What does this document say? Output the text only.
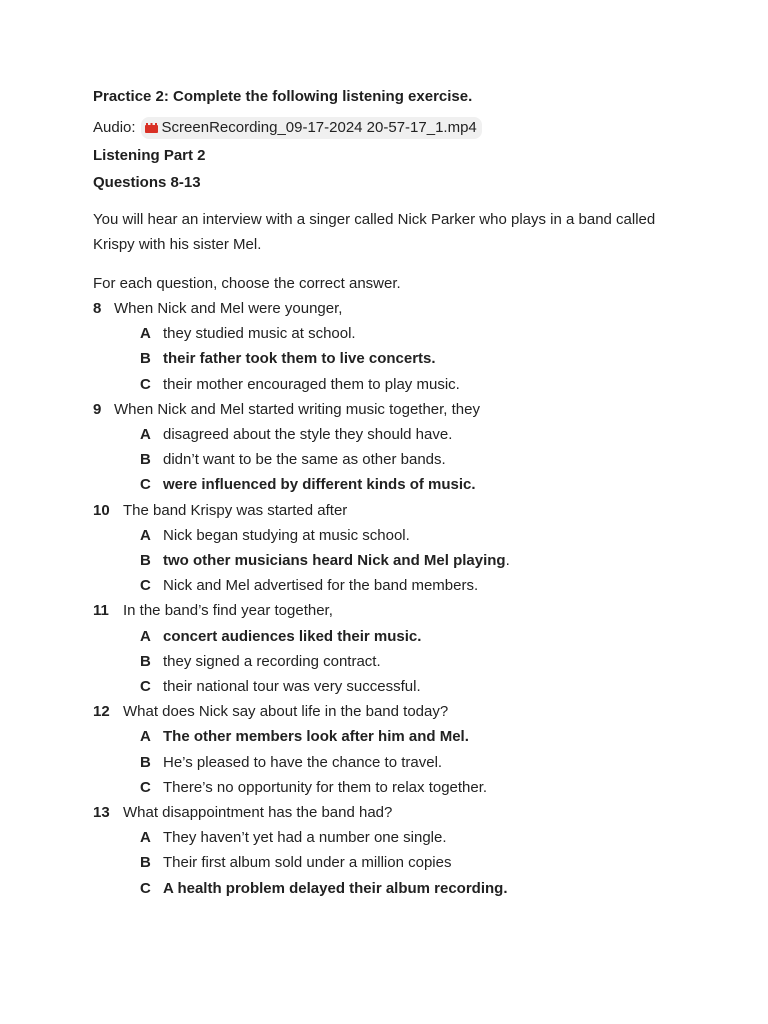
Practice 2: Complete the following listening exercise.
Audio: ScreenRecording_09-17-2024 20-57-17_1.mp4
Listening Part 2
Questions 8-13
You will hear an interview with a singer called Nick Parker who plays in a band called Krispy with his sister Mel.
For each question, choose the correct answer.
8 When Nick and Mel were younger,
A they studied music at school.
B their father took them to live concerts.
C their mother encouraged them to play music.
9 When Nick and Mel started writing music together, they
A disagreed about the style they should have.
B didn’t want to be the same as other bands.
C were influenced by different kinds of music.
10 The band Krispy was started after
A Nick began studying at music school.
B two other musicians heard Nick and Mel playing .
C Nick and Mel advertised for the band members.
11 In the band’s find year together,
A concert audiences liked their music.
B they signed a recording contract.
C their national tour was very successful.
12 What does Nick say about life in the band today?
A The other members look after him and Mel.
B He’s pleased to have the chance to travel.
C There’s no opportunity for them to relax together.
13 What disappointment has the band had?
A They haven’t yet had a number one single.
B Their first album sold under a million copies
C A health problem delayed their album recording.
